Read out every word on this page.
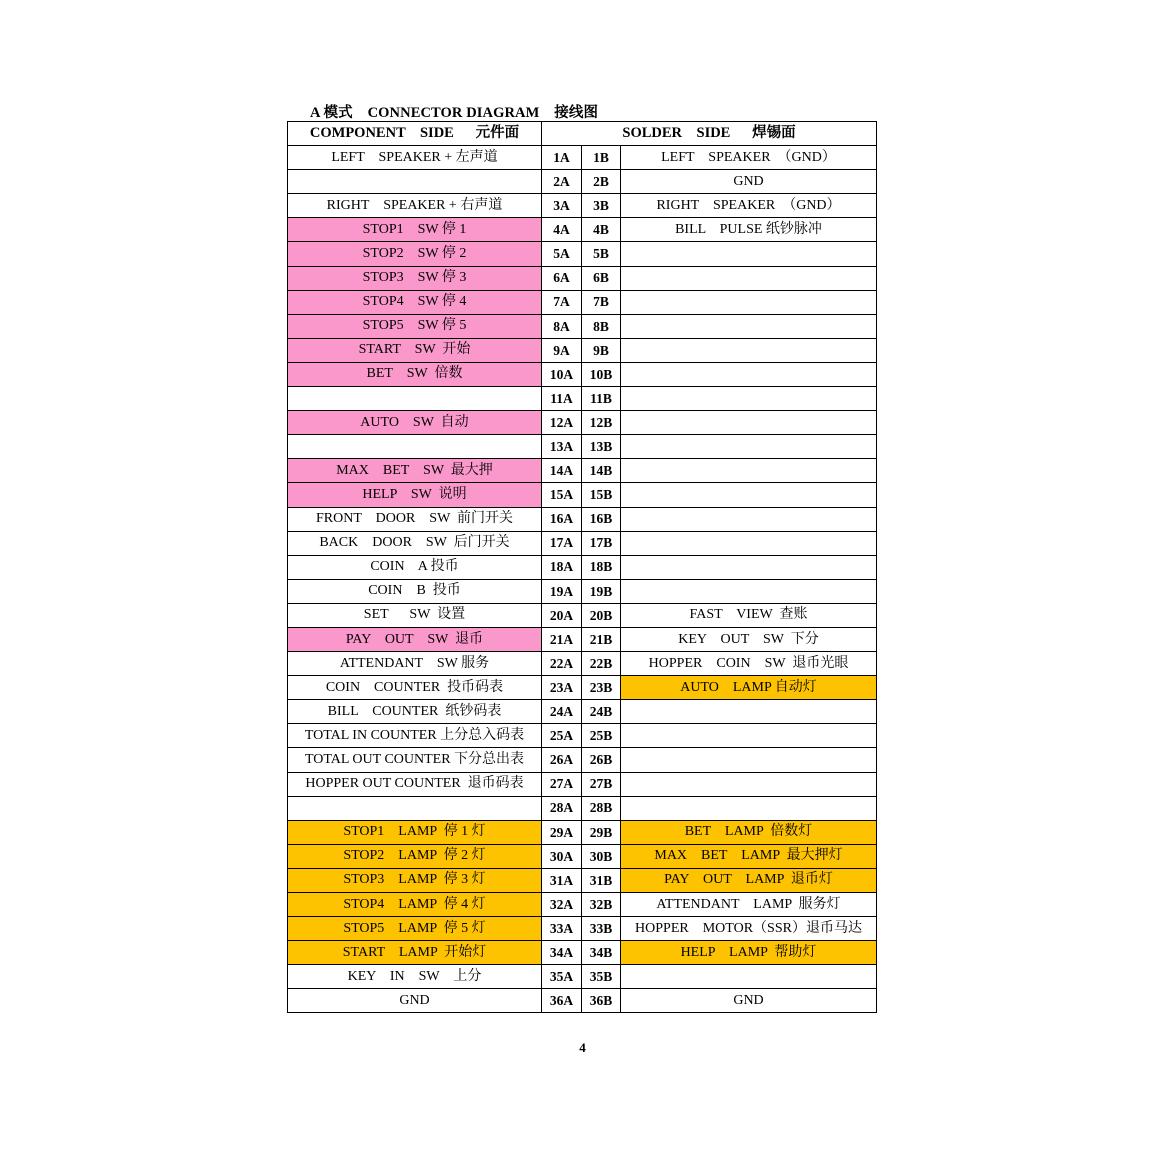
A 模式    CONNECTOR DIAGRAM    接线图
COMPONENT    SIDE      元件面	SOLDER    SIDE      焊锡面		
LEFT    SPEAKER + 左声道	1A	1B	LEFT    SPEAKER  （GND）
	2A	2B	GND
RIGHT    SPEAKER + 右声道	3A	3B	RIGHT    SPEAKER  （GND）
STOP1    SW 停 1	4A	4B	BILL    PULSE 纸钞脉冲
STOP2    SW 停 2	5A	5B	
STOP3    SW 停 3	6A	6B	
STOP4    SW 停 4	7A	7B	
STOP5    SW 停 5	8A	8B	
START    SW  开始	9A	9B	
BET    SW  倍数	10A	10B	
	11A	11B	
AUTO    SW  自动	12A	12B	
	13A	13B	
MAX    BET    SW  最大押	14A	14B	
HELP    SW  说明	15A	15B	
FRONT    DOOR    SW  前门开关	16A	16B	
BACK    DOOR    SW  后门开关	17A	17B	
COIN    A 投币	18A	18B	
COIN    B  投币	19A	19B	
SET      SW  设置	20A	20B	FAST    VIEW  查账
PAY    OUT    SW  退币	21A	21B	KEY    OUT    SW  下分
ATTENDANT    SW 服务	22A	22B	HOPPER    COIN    SW  退币光眼
COIN    COUNTER  投币码表	23A	23B	AUTO    LAMP 自动灯
BILL    COUNTER  纸钞码表	24A	24B	
TOTAL IN COUNTER 上分总入码表	25A	25B	
TOTAL OUT COUNTER 下分总出表	26A	26B	
HOPPER OUT COUNTER  退币码表	27A	27B	
	28A	28B	
STOP1    LAMP  停 1 灯	29A	29B	BET    LAMP  倍数灯
STOP2    LAMP  停 2 灯	30A	30B	MAX    BET    LAMP  最大押灯
STOP3    LAMP  停 3 灯	31A	31B	PAY    OUT    LAMP  退币灯
STOP4    LAMP  停 4 灯	32A	32B	ATTENDANT    LAMP  服务灯
STOP5    LAMP  停 5 灯	33A	33B	HOPPER    MOTOR（SSR）退币马达
START    LAMP  开始灯	34A	34B	HELP    LAMP  帮助灯
KEY    IN    SW    上分	35A	35B	
GND	36A	36B	GND
4
